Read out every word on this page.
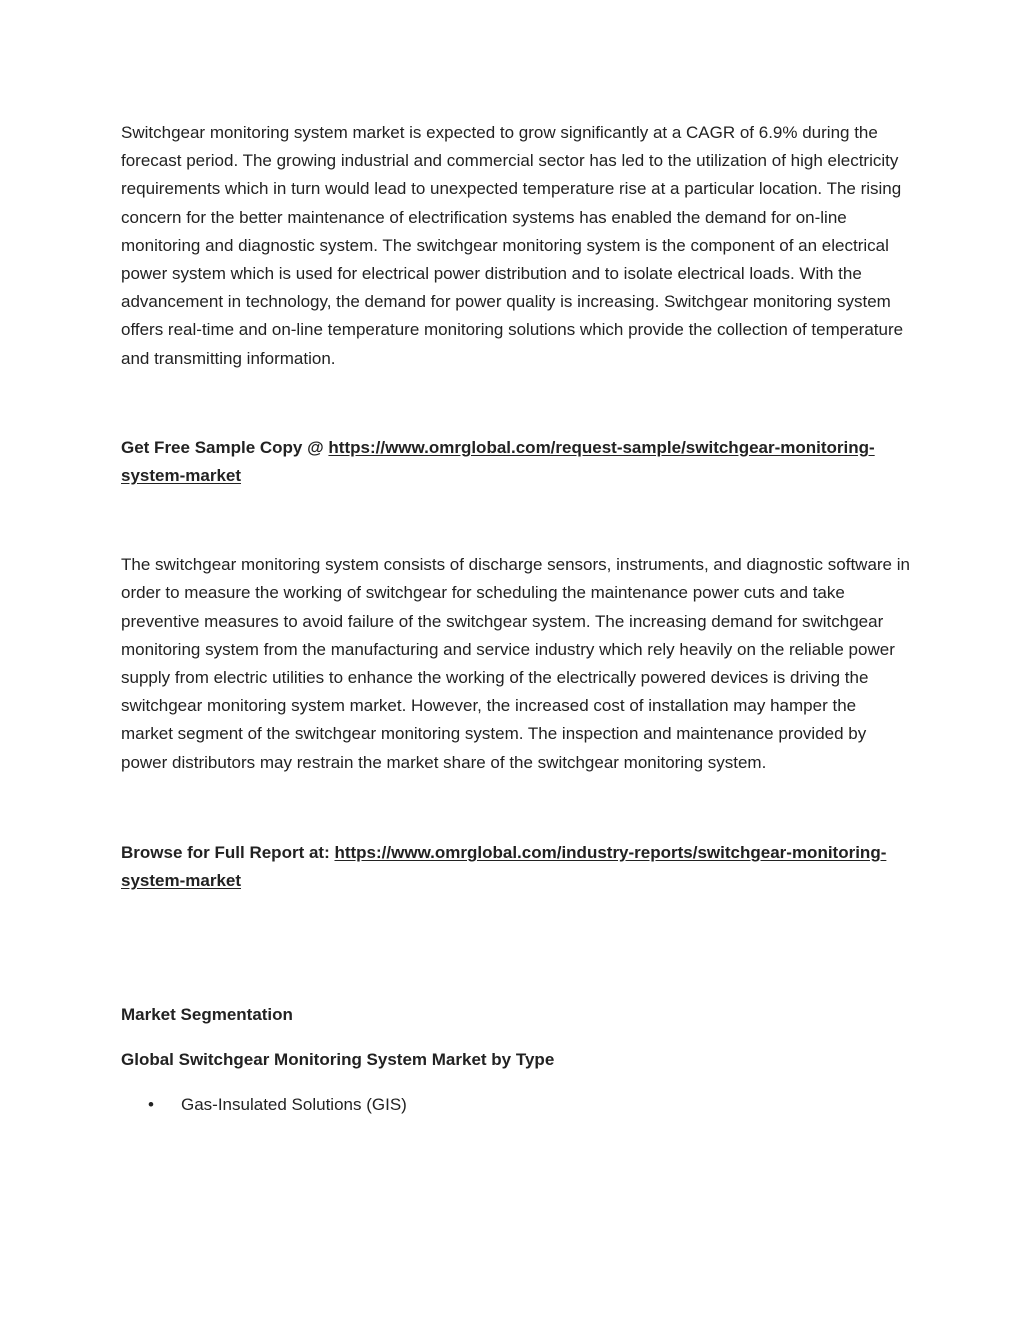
Switchgear monitoring system market is expected to grow significantly at a CAGR of 6.9% during the forecast period. The growing industrial and commercial sector has led to the utilization of high electricity requirements which in turn would lead to unexpected temperature rise at a particular location. The rising concern for the better maintenance of electrification systems has enabled the demand for on-line monitoring and diagnostic system. The switchgear monitoring system is the component of an electrical power system which is used for electrical power distribution and to isolate electrical loads. With the advancement in technology, the demand for power quality is increasing. Switchgear monitoring system offers real-time and on-line temperature monitoring solutions which provide the collection of temperature and transmitting information.

Get Free Sample Copy @ https://www.omrglobal.com/request-sample/switchgear-monitoring-system-market

The switchgear monitoring system consists of discharge sensors, instruments, and diagnostic software in order to measure the working of switchgear for scheduling the maintenance power cuts and take preventive measures to avoid failure of the switchgear system. The increasing demand for switchgear monitoring system from the manufacturing and service industry which rely heavily on the reliable power supply from electric utilities to enhance the working of the electrically powered devices is driving the switchgear monitoring system market. However, the increased cost of installation may hamper the market segment of the switchgear monitoring system. The inspection and maintenance provided by power distributors may restrain the market share of the switchgear monitoring system.

Browse for Full Report at: https://www.omrglobal.com/industry-reports/switchgear-monitoring-system-market

Market Segmentation

Global Switchgear Monitoring System Market by Type

• Gas-Insulated Solutions (GIS)
